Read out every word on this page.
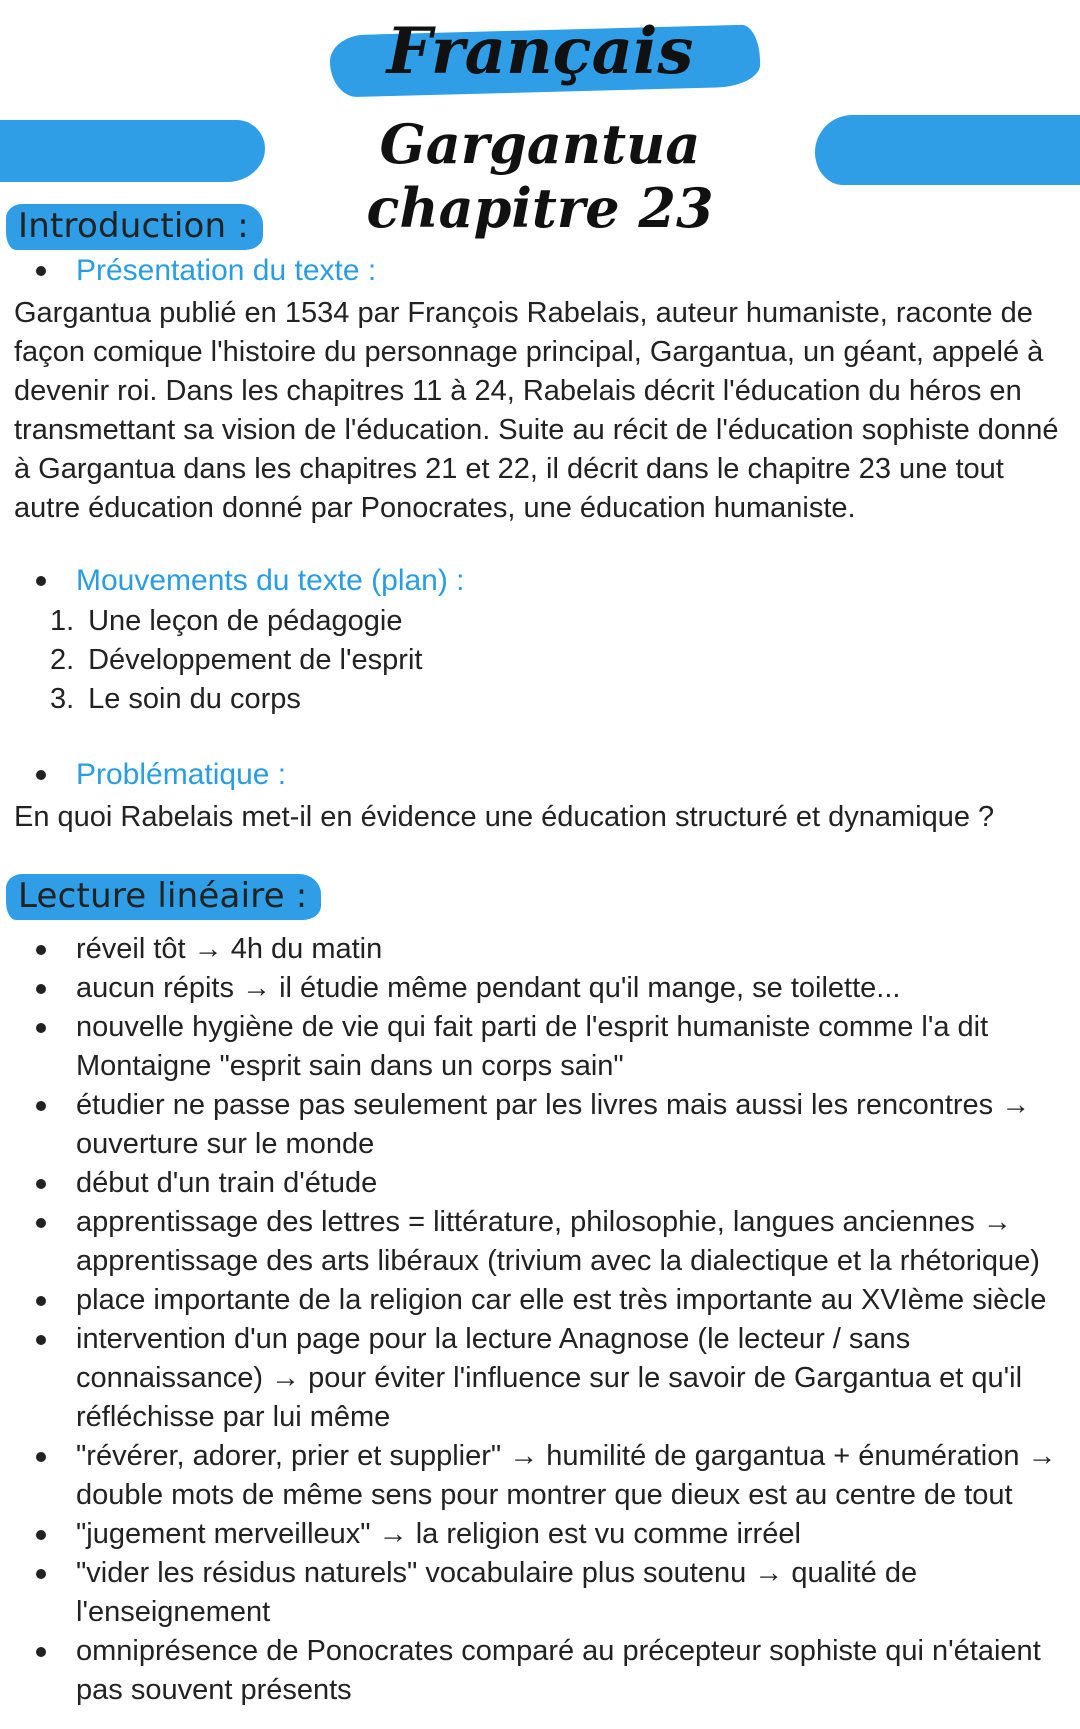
Français
Gargantua chapitre 23
Introduction :
Présentation du texte :
Gargantua publié en 1534 par François Rabelais, auteur humaniste, raconte de façon comique l'histoire du personnage principal, Gargantua, un géant, appelé à devenir roi. Dans les chapitres 11 à 24, Rabelais décrit l'éducation du héros en transmettant sa vision de l'éducation. Suite au récit de l'éducation sophiste donné à Gargantua dans les chapitres 21 et 22, il décrit dans le chapitre 23 une tout autre éducation donné par Ponocrates, une éducation humaniste.
Mouvements du texte (plan) :
1. Une leçon de pédagogie
2. Développement de l'esprit
3. Le soin du corps
Problématique :
En quoi Rabelais met-il en évidence une éducation structuré et dynamique ?
Lecture linéaire :
réveil tôt → 4h du matin
aucun répits → il étudie même pendant qu'il mange, se toilette...
nouvelle hygiène de vie qui fait parti de l'esprit humaniste comme l'a dit Montaigne "esprit sain dans un corps sain"
étudier ne passe pas seulement par les livres mais aussi les rencontres → ouverture sur le monde
début d'un train d'étude
apprentissage des lettres = littérature, philosophie, langues anciennes → apprentissage des arts libéraux (trivium avec la dialectique et la rhétorique)
place importante de la religion car elle est très importante au XVIème siècle
intervention d'un page pour la lecture Anagnose (le lecteur / sans connaissance) → pour éviter l'influence sur le savoir de Gargantua et qu'il réfléchisse par lui même
"révérer, adorer, prier et supplier" → humilité de gargantua + énumération → double mots de même sens pour montrer que dieux est au centre de tout
"jugement merveilleux" → la religion est vu comme irréel
"vider les résidus naturels" vocabulaire plus soutenu → qualité de l'enseignement
omniprésence de Ponocrates comparé au précepteur sophiste qui n'étaient pas souvent présents
